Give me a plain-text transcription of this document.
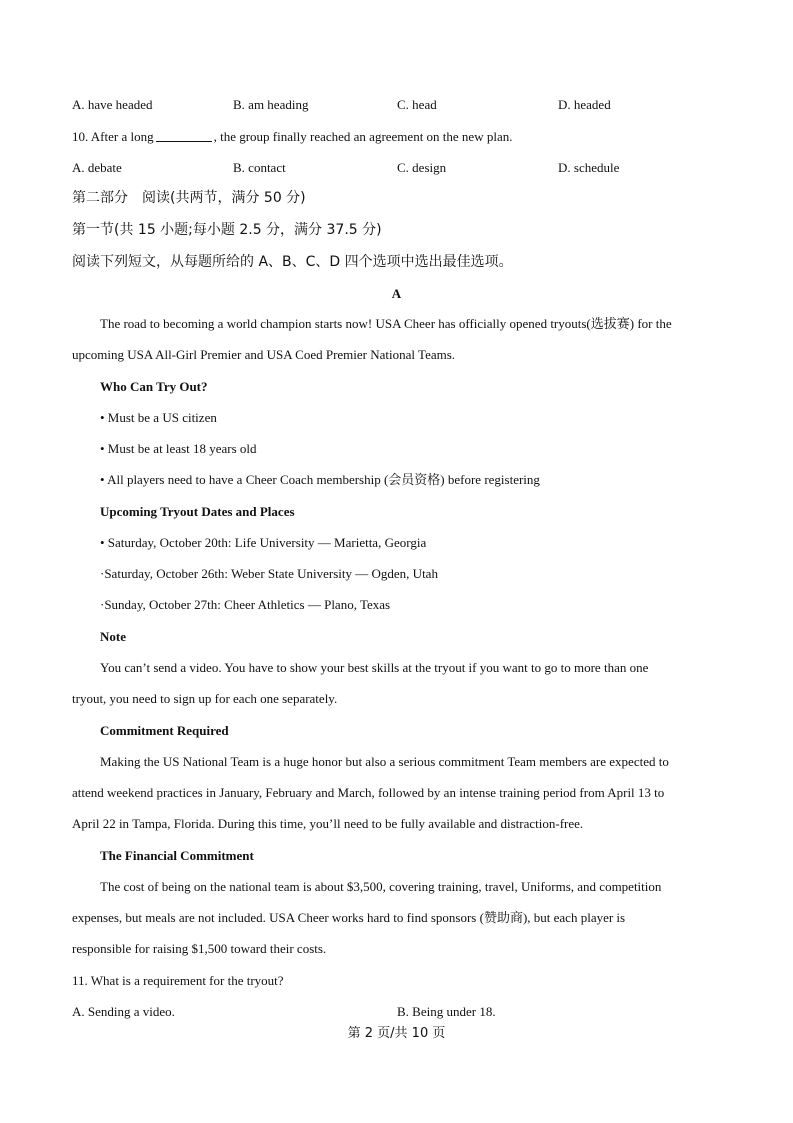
A. have headed	B. am heading	C. head	D. headed
10. After a long	, the group finally reached an agreement on the new plan.
A. debate	B. contact	C. design	D. schedule
第二部分　阅读(共两节，满分 50 分)
第一节(共 15 小题;每小题 2.5 分，满分 37.5 分)
阅读下列短文，从每题所给的 A、B、C、D 四个选项中选出最佳选项。
A
The road to becoming a world champion starts now! USA Cheer has officially opened tryouts(选拔赛) for the
upcoming USA All-Girl Premier and USA Coed Premier National Teams.
Who Can Try Out?
• Must be a US citizen
• Must be at least 18 years old
• All players need to have a Cheer Coach membership (会员资格) before registering
Upcoming Tryout Dates and Places
• Saturday, October 20th: Life University — Marietta, Georgia
·Saturday, October 26th: Weber State University — Ogden, Utah
·Sunday, October 27th: Cheer Athletics — Plano, Texas
Note
You can’t send a video. You have to show your best skills at the tryout if you want to go to more than one
tryout, you need to sign up for each one separately.
Commitment Required
Making the US National Team is a huge honor but also a serious commitment Team members are expected to
attend weekend practices in January, February and March, followed by an intense training period from April 13 to
April 22 in Tampa, Florida. During this time, you’ll need to be fully available and distraction-free.
The Financial Commitment
The cost of being on the national team is about $3,500, covering training, travel, Uniforms, and competition
expenses, but meals are not included. USA Cheer works hard to find sponsors (赞助商), but each player is
responsible for raising $1,500 toward their costs.
11. What is a requirement for the tryout?
A. Sending a video.	B. Being under 18.
第 2 页/共 10 页
